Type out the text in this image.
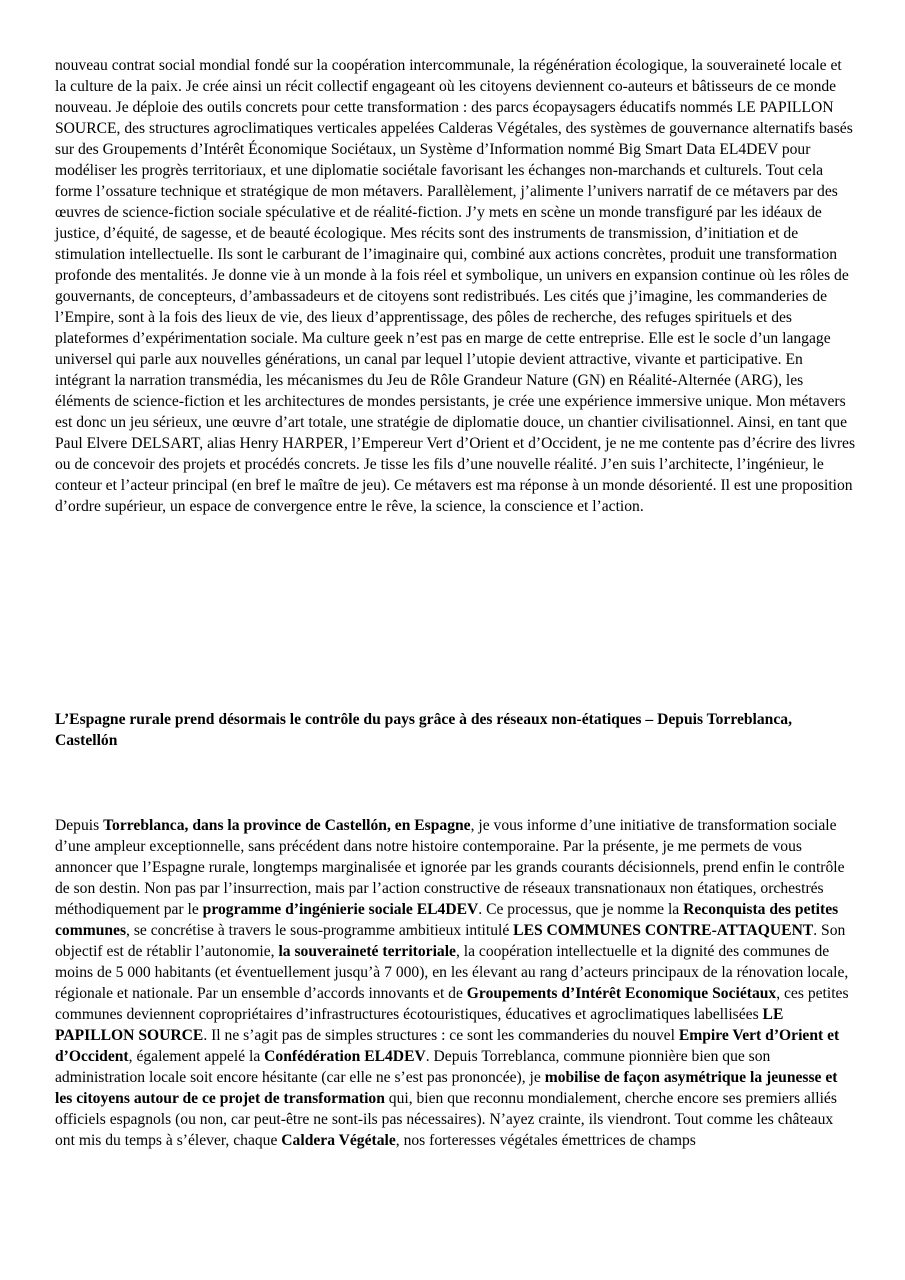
nouveau contrat social mondial fondé sur la coopération intercommunale, la régénération écologique, la souveraineté locale et la culture de la paix. Je crée ainsi un récit collectif engageant où les citoyens deviennent co-auteurs et bâtisseurs de ce monde nouveau. Je déploie des outils concrets pour cette transformation : des parcs écopaysagers éducatifs nommés LE PAPILLON SOURCE, des structures agroclimatiques verticales appelées Calderas Végétales, des systèmes de gouvernance alternatifs basés sur des Groupements d’Intérêt Économique Sociétaux, un Système d’Information nommé Big Smart Data EL4DEV pour modéliser les progrès territoriaux, et une diplomatie sociétale favorisant les échanges non-marchands et culturels. Tout cela forme l’ossature technique et stratégique de mon métavers. Parallèlement, j’alimente l’univers narratif de ce métavers par des œuvres de science-fiction sociale spéculative et de réalité-fiction. J’y mets en scène un monde transfiguré par les idéaux de justice, d’équité, de sagesse, et de beauté écologique. Mes récits sont des instruments de transmission, d’initiation et de stimulation intellectuelle. Ils sont le carburant de l’imaginaire qui, combiné aux actions concrètes, produit une transformation profonde des mentalités. Je donne vie à un monde à la fois réel et symbolique, un univers en expansion continue où les rôles de gouvernants, de concepteurs, d’ambassadeurs et de citoyens sont redistribués. Les cités que j’imagine, les commanderies de l’Empire, sont à la fois des lieux de vie, des lieux d’apprentissage, des pôles de recherche, des refuges spirituels et des plateformes d’expérimentation sociale. Ma culture geek n’est pas en marge de cette entreprise. Elle est le socle d’un langage universel qui parle aux nouvelles générations, un canal par lequel l’utopie devient attractive, vivante et participative. En intégrant la narration transmédia, les mécanismes du Jeu de Rôle Grandeur Nature (GN) en Réalité-Alternée (ARG), les éléments de science-fiction et les architectures de mondes persistants, je crée une expérience immersive unique. Mon métavers est donc un jeu sérieux, une œuvre d’art totale, une stratégie de diplomatie douce, un chantier civilisationnel. Ainsi, en tant que Paul Elvere DELSART, alias Henry HARPER, l’Empereur Vert d’Orient et d’Occident, je ne me contente pas d’écrire des livres ou de concevoir des projets et procédés concrets. Je tisse les fils d’une nouvelle réalité. J’en suis l’architecte, l’ingénieur, le conteur et l’acteur principal (en bref le maître de jeu). Ce métavers est ma réponse à un monde désorienté. Il est une proposition d’ordre supérieur, un espace de convergence entre le rêve, la science, la conscience et l’action.

L’Espagne rurale prend désormais le contrôle du pays grâce à des réseaux non-étatiques – Depuis Torreblanca, Castellón

Depuis Torreblanca, dans la province de Castellón, en Espagne, je vous informe d’une initiative de transformation sociale d’une ampleur exceptionnelle, sans précédent dans notre histoire contemporaine. Par la présente, je me permets de vous annoncer que l’Espagne rurale, longtemps marginalisée et ignorée par les grands courants décisionnels, prend enfin le contrôle de son destin. Non pas par l’insurrection, mais par l’action constructive de réseaux transnationaux non étatiques, orchestrés méthodiquement par le programme d’ingénierie sociale EL4DEV. Ce processus, que je nomme la Reconquista des petites communes, se concrétise à travers le sous-programme ambitieux intitulé LES COMMUNES CONTRE-ATTAQUENT. Son objectif est de rétablir l’autonomie, la souveraineté territoriale, la coopération intellectuelle et la dignité des communes de moins de 5 000 habitants (et éventuellement jusqu’à 7 000), en les élevant au rang d’acteurs principaux de la rénovation locale, régionale et nationale. Par un ensemble d’accords innovants et de Groupements d’Intérêt Economique Sociétaux, ces petites communes deviennent copropriétaires d’infrastructures écotouristiques, éducatives et agroclimatiques labellisées LE PAPILLON SOURCE. Il ne s’agit pas de simples structures : ce sont les commanderies du nouvel Empire Vert d’Orient et d’Occident, également appelé la Confédération EL4DEV. Depuis Torreblanca, commune pionnière bien que son administration locale soit encore hésitante (car elle ne s’est pas prononcée), je mobilise de façon asymétrique la jeunesse et les citoyens autour de ce projet de transformation qui, bien que reconnu mondialement, cherche encore ses premiers alliés officiels espagnols (ou non, car peut-être ne sont-ils pas nécessaires). N’ayez crainte, ils viendront. Tout comme les châteaux ont mis du temps à s’élever, chaque Caldera Végétale, nos forteresses végétales émettrices de champs
